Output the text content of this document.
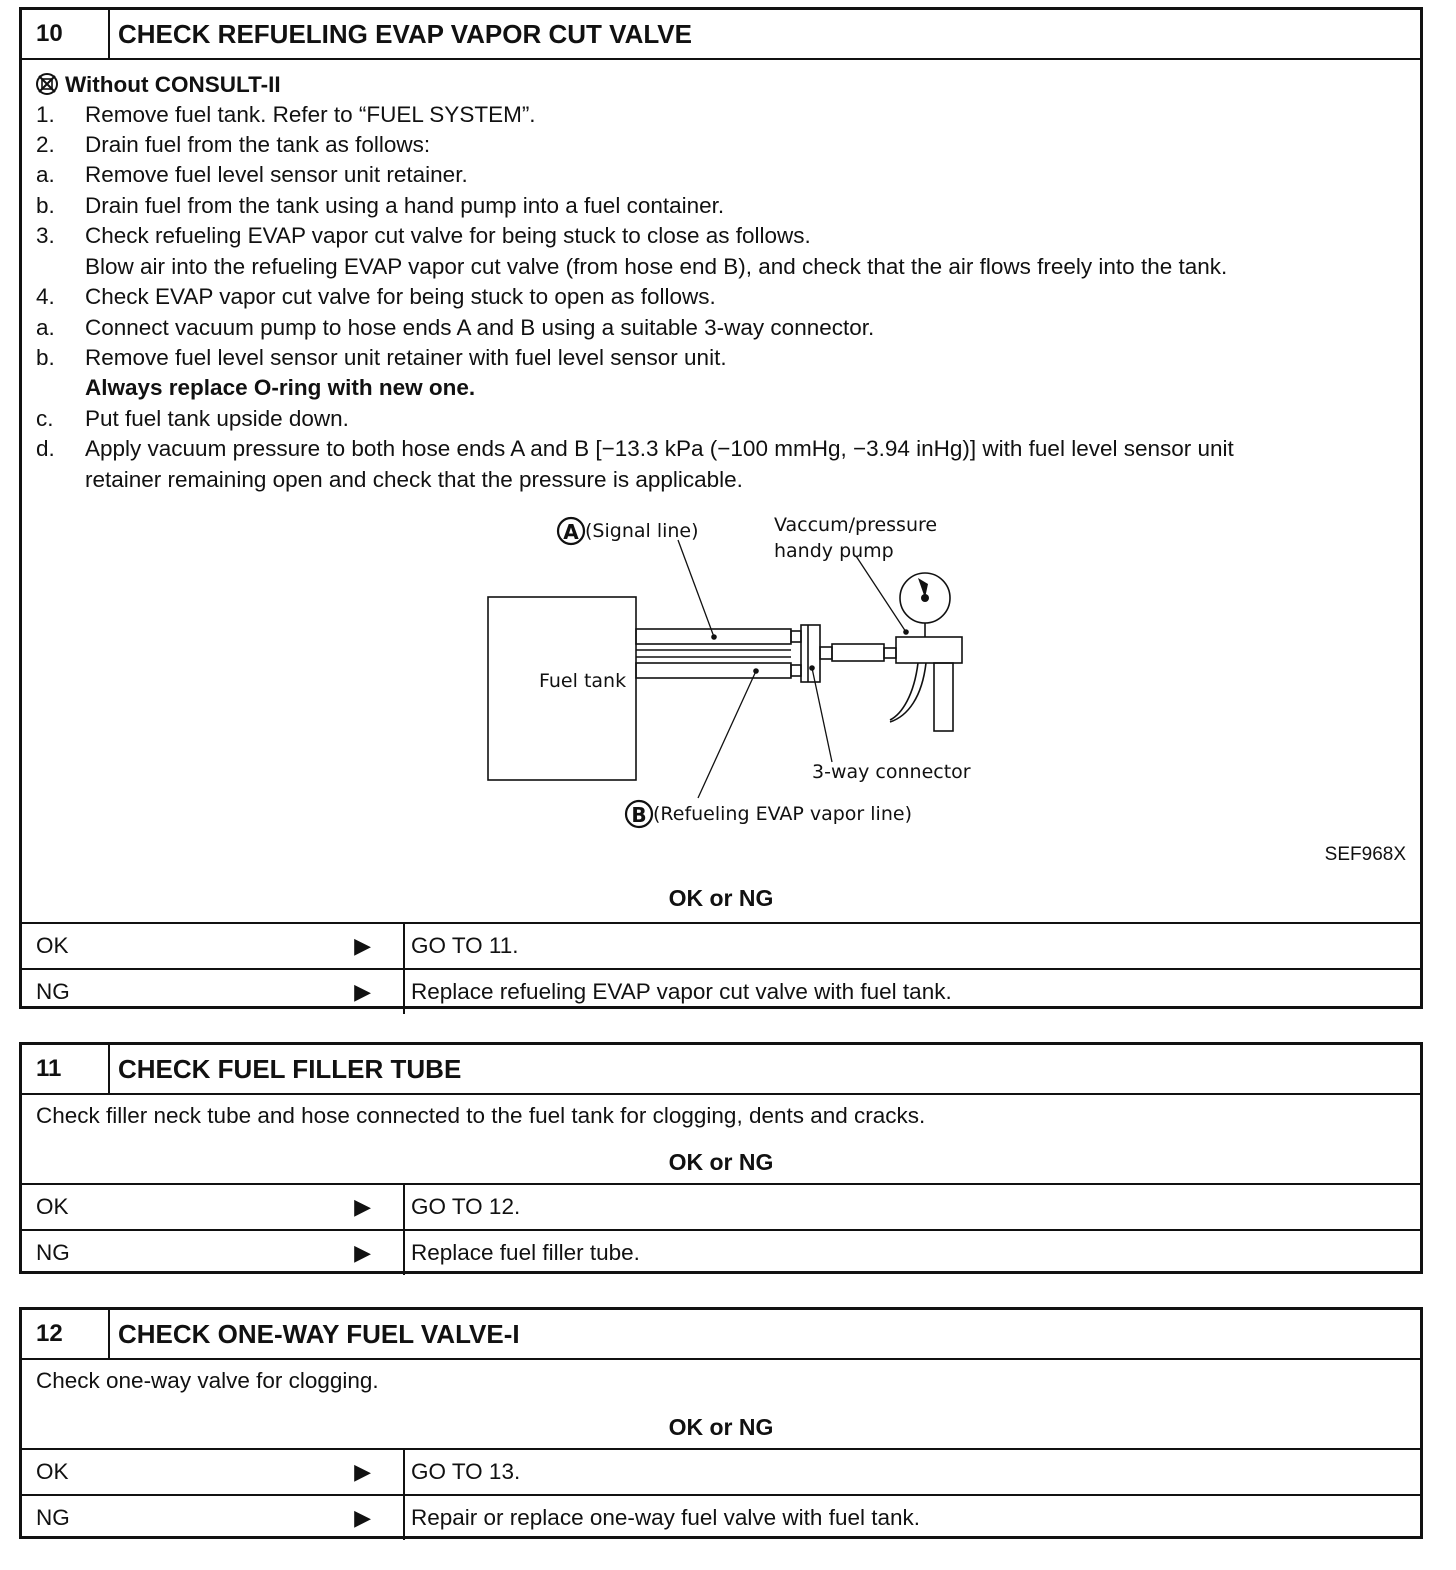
10	CHECK REFUELING EVAP VAPOR CUT VALVE
Without CONSULT-II
1. Remove fuel tank. Refer to “FUEL SYSTEM”.
2. Drain fuel from the tank as follows:
a. Remove fuel level sensor unit retainer.
b. Drain fuel from the tank using a hand pump into a fuel container.
3. Check refueling EVAP vapor cut valve for being stuck to close as follows.
Blow air into the refueling EVAP vapor cut valve (from hose end B), and check that the air flows freely into the tank.
4. Check EVAP vapor cut valve for being stuck to open as follows.
a. Connect vacuum pump to hose ends A and B using a suitable 3-way connector.
b. Remove fuel level sensor unit retainer with fuel level sensor unit.
Always replace O-ring with new one.
c. Put fuel tank upside down.
d. Apply vacuum pressure to both hose ends A and B [−13.3 kPa (−100 mmHg, −3.94 inHg)] with fuel level sensor unit
retainer remaining open and check that the pressure is applicable.
A (Signal line)	Vaccum/pressure
handy pump
Fuel tank
3-way connector
B (Refueling EVAP vapor line)
SEF968X
OK or NG
OK	▶ GO TO 11.
NG	▶ Replace refueling EVAP vapor cut valve with fuel tank.
11	CHECK FUEL FILLER TUBE
Check filler neck tube and hose connected to the fuel tank for clogging, dents and cracks.
OK or NG
OK	▶ GO TO 12.
NG	▶ Replace fuel filler tube.
12	CHECK ONE-WAY FUEL VALVE-I
Check one-way valve for clogging.
OK or NG
OK	▶ GO TO 13.
NG	▶ Repair or replace one-way fuel valve with fuel tank.
